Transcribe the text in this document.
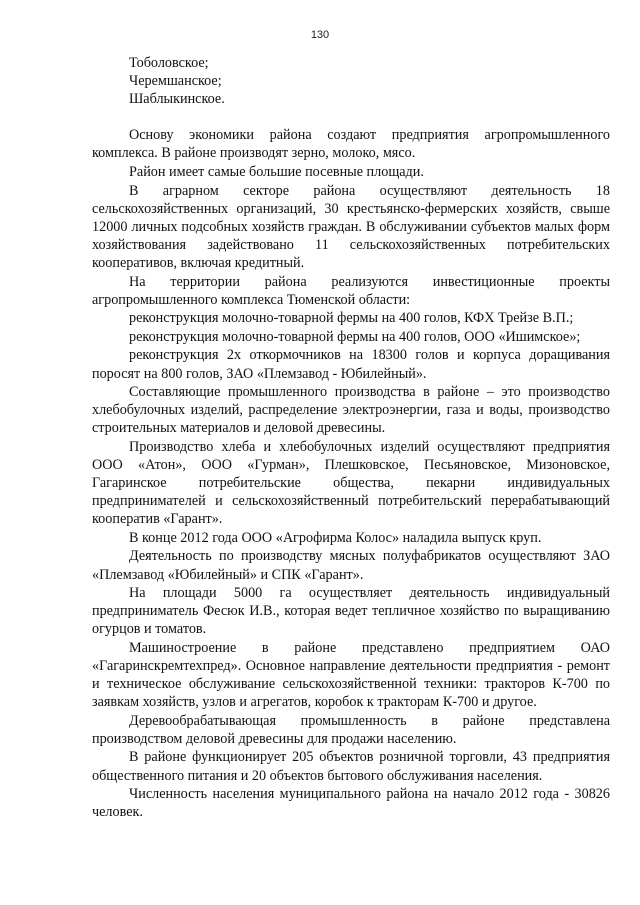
130

Тоболовское;

Черемшанское;

Шаблыкинское.

Основу экономики района создают предприятия агропромышленного комплекса. В районе производят зерно, молоко, мясо.

Район имеет самые большие посевные площади.

В аграрном секторе района осуществляют деятельность 18 сельскохозяйственных организаций, 30 крестьянско-фермерских хозяйств, свыше 12000 личных подсобных хозяйств граждан. В обслуживании субъектов малых форм хозяйствования задействовано 11 сельскохозяйственных потребительских кооперативов, включая кредитный.

На территории района реализуются инвестиционные проекты агропромышленного комплекса Тюменской области:

реконструкция молочно-товарной фермы на 400 голов, КФХ Трейзе В.П.;

реконструкция молочно-товарной фермы на 400 голов, ООО «Ишимское»;

реконструкция 2х откормочников на 18300 голов и корпуса доращивания поросят на 800 голов, ЗАО «Племзавод - Юбилейный».

Составляющие промышленного производства в районе – это производство хлебобулочных изделий, распределение электроэнергии, газа и воды, производство строительных материалов и деловой древесины.

Производство хлеба и хлебобулочных изделий осуществляют предприятия ООО «Атон», ООО «Гурман», Плешковское, Песьяновское, Мизоновское, Гагаринское потребительские общества, пекарни индивидуальных предпринимателей и сельскохозяйственный потребительский перерабатывающий кооператив «Гарант».

В конце 2012 года ООО «Агрофирма Колос» наладила выпуск круп.

Деятельность по производству мясных полуфабрикатов осуществляют ЗАО «Племзавод «Юбилейный» и СПК «Гарант».

На площади 5000 га осуществляет деятельность индивидуальный предприниматель Фесюк И.В., которая ведет тепличное хозяйство по выращиванию огурцов и томатов.

Машиностроение в районе представлено предприятием ОАО «Гагаринскремтехпред». Основное направление деятельности предприятия - ремонт и техническое обслуживание сельскохозяйственной техники: тракторов К-700 по заявкам хозяйств, узлов и агрегатов, коробок к тракторам К-700 и другое.

Деревообрабатывающая промышленность в районе представлена производством деловой древесины для продажи населению.

В районе функционирует 205 объектов розничной торговли, 43 предприятия общественного питания и 20 объектов бытового обслуживания населения.

Численность населения муниципального района на начало 2012 года - 30826 человек.
